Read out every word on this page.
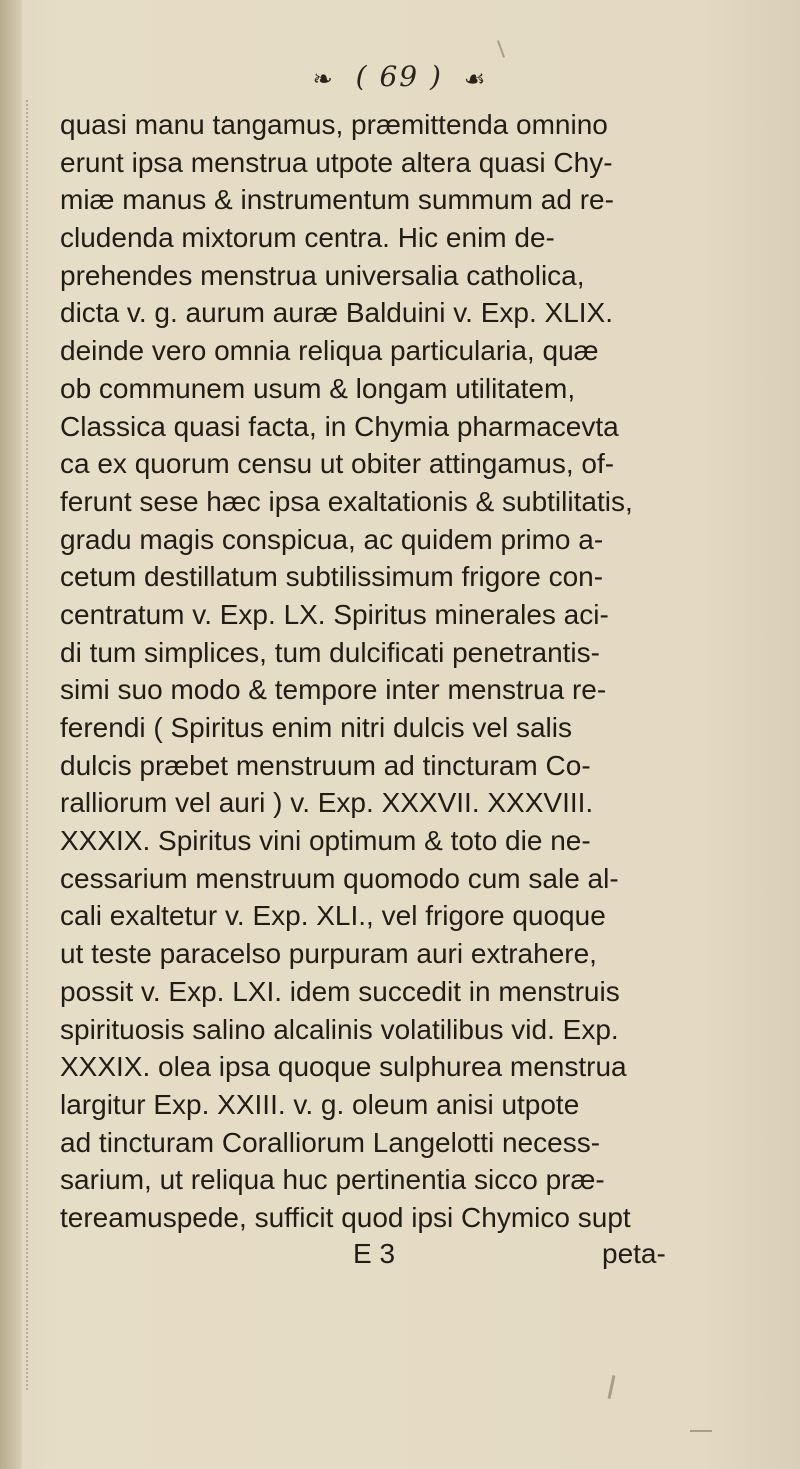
❧ ( 69 ) ☙
quasi manu tangamus, præmittenda omnino
erunt ipsa menstrua utpote altera quasi Chy-
miæ manus & instrumentum summum ad re-
cludenda mixtorum centra. Hic enim de-
prehendes menstrua universalia catholica,
dicta v. g. aurum auræ Balduini v. Exp. XLIX.
deinde vero omnia reliqua particularia, quæ
ob communem usum & longam utilitatem,
Classica quasi facta, in Chymia pharmacevta
ca ex quorum censu ut obiter attingamus, of-
ferunt sese hæc ipsa exaltationis & subtilitatis,
gradu magis conspicua, ac quidem primo a-
cetum destillatum subtilissimum frigore con-
centratum v. Exp. LX. Spiritus minerales aci-
di tum simplices, tum dulcificati penetrantis-
simi suo modo & tempore inter menstrua re-
ferendi ( Spiritus enim nitri dulcis vel salis
dulcis præbet menstruum ad tincturam Co-
ralliorum vel auri ) v. Exp. XXXVII. XXXVIII.
XXXIX. Spiritus vini optimum & toto die ne-
cessarium menstruum quomodo cum sale al-
cali exaltetur v. Exp. XLI., vel frigore quoque
ut teste paracelso purpuram auri extrahere,
possit v. Exp. LXI. idem succedit in menstruis
spirituosis salino alcalinis volatilibus vid. Exp.
XXXIX. olea ipsa quoque sulphurea menstrua
largitur Exp. XXIII. v. g. oleum anisi utpote
ad tincturam Coralliorum Langelotti necess-
sarium, ut reliqua huc pertinentia sicco præ-
tereamuspede, sufficit quod ipsi Chymico supt
E 3	peta-
